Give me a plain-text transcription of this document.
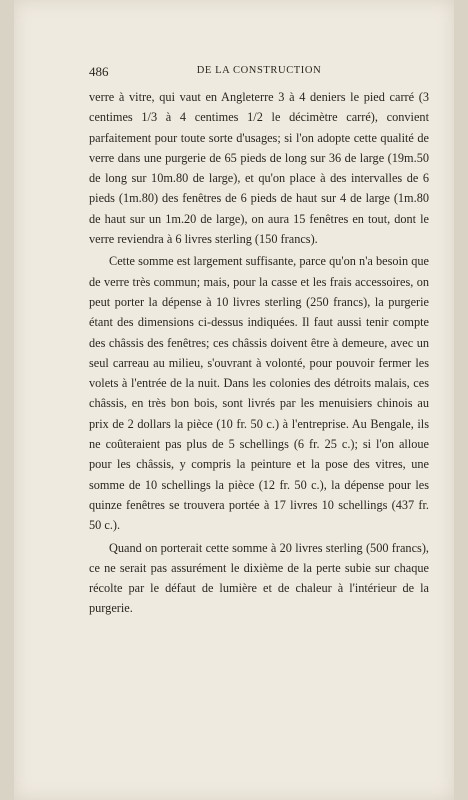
486	DE LA CONSTRUCTION

verre à vitre, qui vaut en Angleterre 3 à 4 deniers le pied carré (3 centimes 1/3 à 4 centimes 1/2 le décimètre carré), convient parfaitement pour toute sorte d'usages; si l'on adopte cette qualité de verre dans une purgerie de 65 pieds de long sur 36 de large (19m.50 de long sur 10m.80 de large), et qu'on place à des intervalles de 6 pieds (1m.80) des fenêtres de 6 pieds de haut sur 4 de large (1m.80 de haut sur un 1m.20 de large), on aura 15 fenêtres en tout, dont le verre reviendra à 6 livres sterling (150 francs).

Cette somme est largement suffisante, parce qu'on n'a besoin que de verre très commun; mais, pour la casse et les frais accessoires, on peut porter la dépense à 10 livres sterling (250 francs), la purgerie étant des dimensions ci-dessus indiquées. Il faut aussi tenir compte des châssis des fenêtres; ces châssis doivent être à demeure, avec un seul carreau au milieu, s'ouvrant à volonté, pour pouvoir fermer les volets à l'entrée de la nuit. Dans les colonies des détroits malais, ces châssis, en très bon bois, sont livrés par les menuisiers chinois au prix de 2 dollars la pièce (10 fr. 50 c.) à l'entreprise. Au Bengale, ils ne coûteraient pas plus de 5 schellings (6 fr. 25 c.); si l'on alloue pour les châssis, y compris la peinture et la pose des vitres, une somme de 10 schellings la pièce (12 fr. 50 c.), la dépense pour les quinze fenêtres se trouvera portée à 17 livres 10 schellings (437 fr. 50 c.).

Quand on porterait cette somme à 20 livres sterling (500 francs), ce ne serait pas assurément le dixième de la perte subie sur chaque récolte par le défaut de lumière et de chaleur à l'intérieur de la purgerie.
